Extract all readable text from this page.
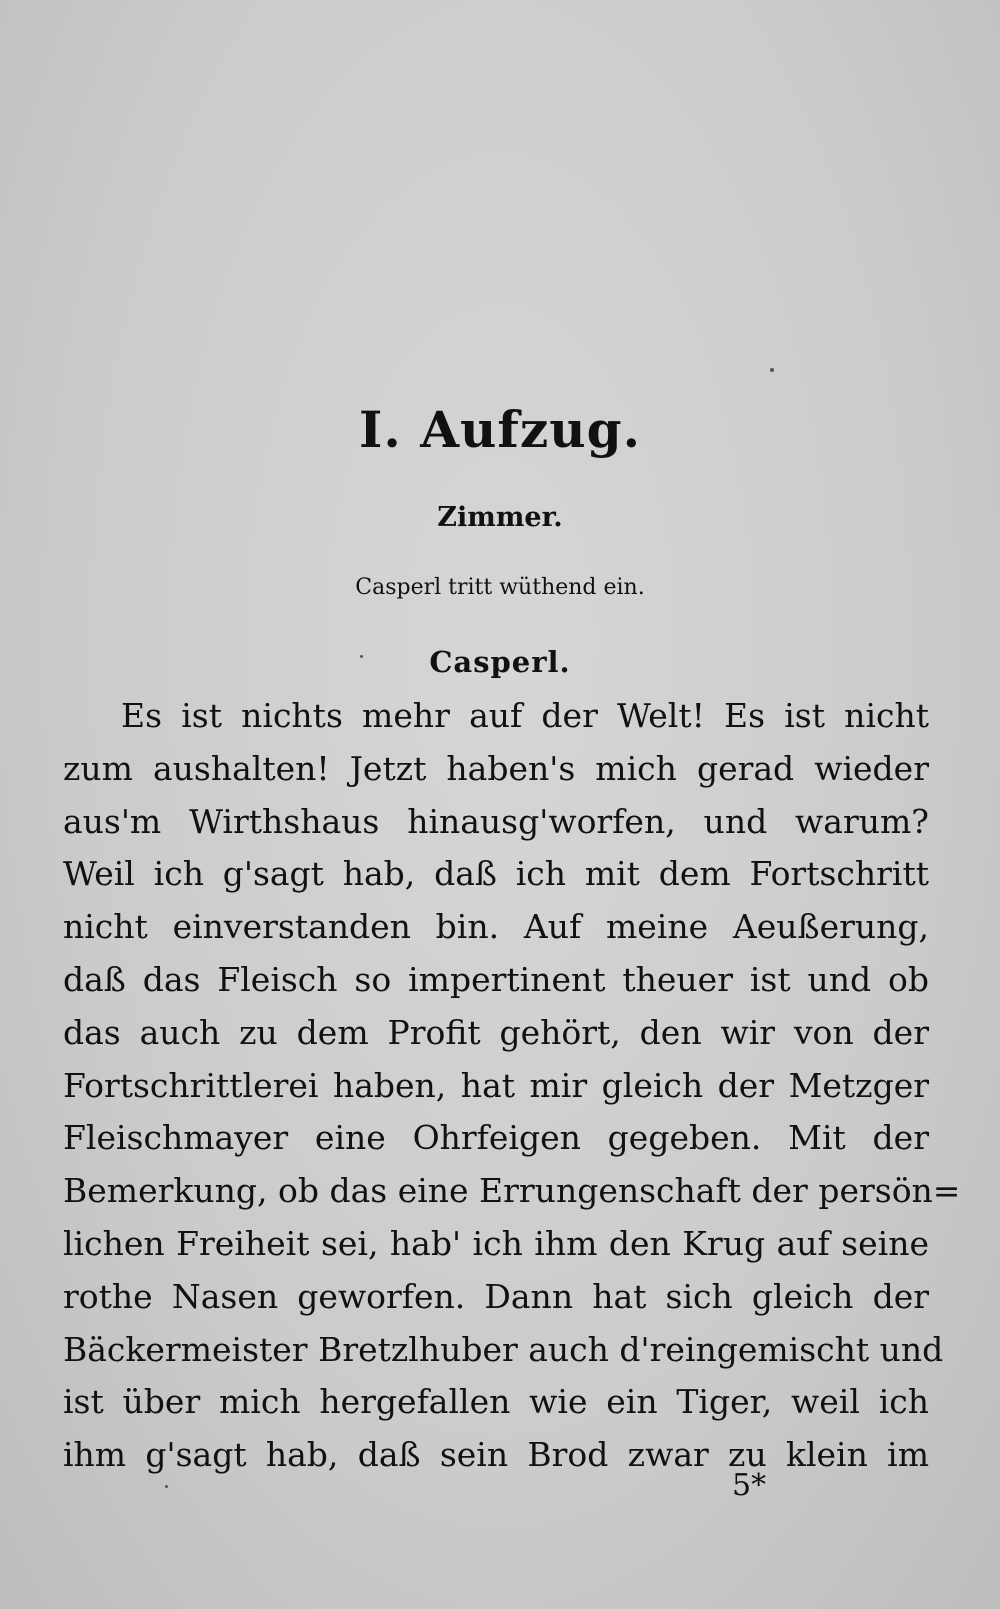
I. Aufzug.
Zimmer.
Casperl tritt wüthend ein.
Casperl.
Es ist nichts mehr auf der Welt! Es ist nicht
zum aushalten! Jetzt haben's mich gerad wieder
aus'm Wirthshaus hinausg'worfen, und warum?
Weil ich g'sagt hab, daß ich mit dem Fortschritt
nicht einverstanden bin. Auf meine Aeußerung,
daß das Fleisch so impertinent theuer ist und ob
das auch zu dem Profit gehört, den wir von der
Fortschrittlerei haben, hat mir gleich der Metzger
Fleischmayer eine Ohrfeigen gegeben. Mit der
Bemerkung, ob das eine Errungenschaft der persön=
lichen Freiheit sei, hab' ich ihm den Krug auf seine
rothe Nasen geworfen. Dann hat sich gleich der
Bäckermeister Bretzlhuber auch d'reingemischt und
ist über mich hergefallen wie ein Tiger, weil ich
ihm g'sagt hab, daß sein Brod zwar zu klein im
5*
